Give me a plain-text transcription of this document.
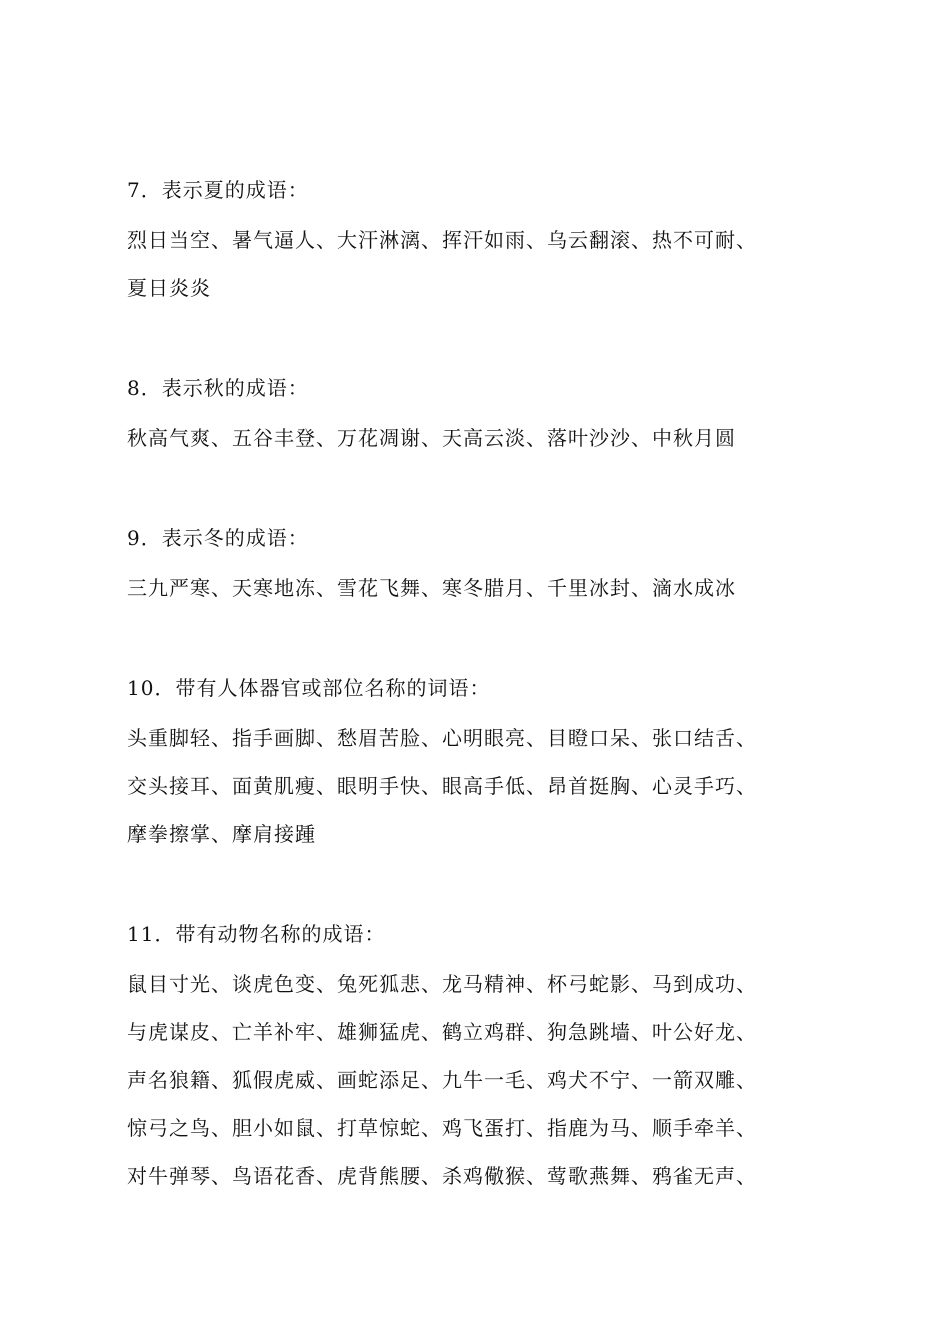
7．表示夏的成语：
烈日当空、暑气逼人、大汗淋漓、挥汗如雨、乌云翻滚、热不可耐、
夏日炎炎
8．表示秋的成语：
秋高气爽、五谷丰登、万花凋谢、天高云淡、落叶沙沙、中秋月圆
9．表示冬的成语：
三九严寒、天寒地冻、雪花飞舞、寒冬腊月、千里冰封、滴水成冰
10．带有人体器官或部位名称的词语：
头重脚轻、指手画脚、愁眉苦脸、心明眼亮、目瞪口呆、张口结舌、
交头接耳、面黄肌瘦、眼明手快、眼高手低、昂首挺胸、心灵手巧、
摩拳擦掌、摩肩接踵
11．带有动物名称的成语：
鼠目寸光、谈虎色变、兔死狐悲、龙马精神、杯弓蛇影、马到成功、
与虎谋皮、亡羊补牢、雄狮猛虎、鹤立鸡群、狗急跳墙、叶公好龙、
声名狼籍、狐假虎威、画蛇添足、九牛一毛、鸡犬不宁、一箭双雕、
惊弓之鸟、胆小如鼠、打草惊蛇、鸡飞蛋打、指鹿为马、顺手牵羊、
对牛弹琴、鸟语花香、虎背熊腰、杀鸡儆猴、莺歌燕舞、鸦雀无声、
